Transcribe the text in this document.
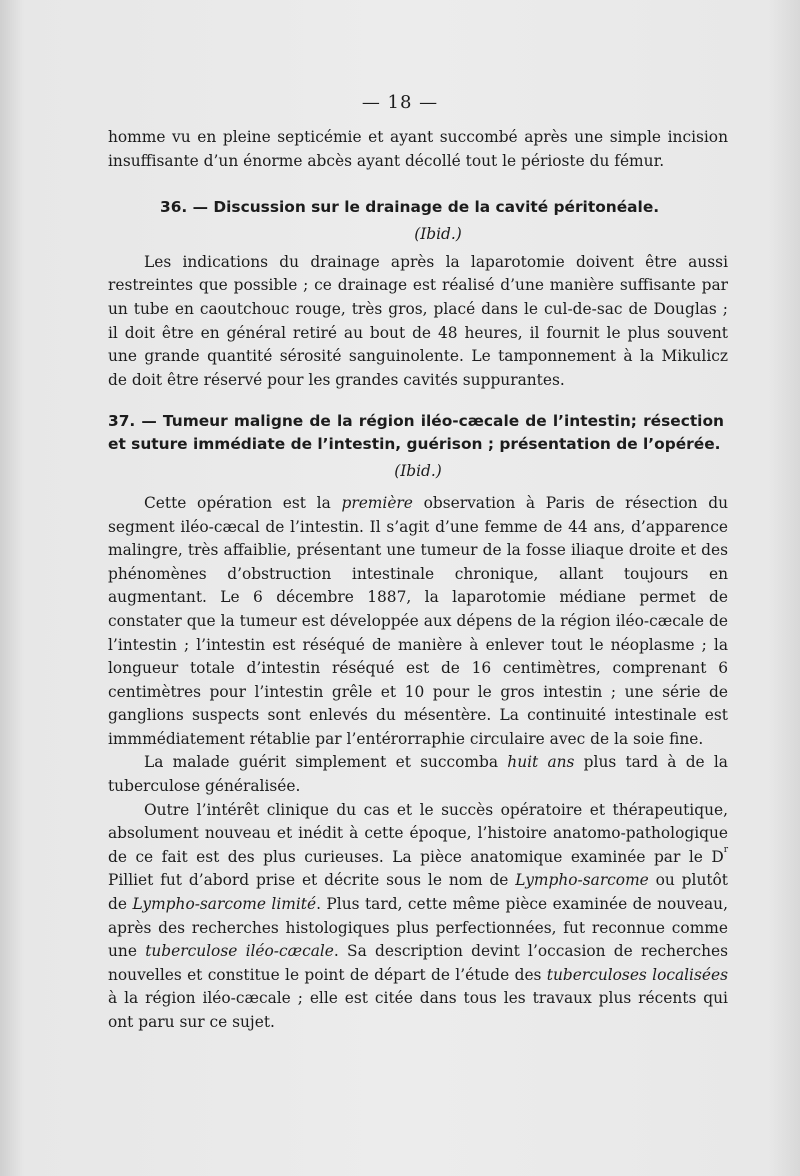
— 18 —

homme vu en pleine septicémie et ayant succombé après une simple incision insuffisante d’un énorme abcès ayant décollé tout le périoste du fémur.

36. — Discussion sur le drainage de la cavité péritonéale.

(Ibid.)

Les indications du drainage après la laparotomie doivent être aussi restreintes que possible ; ce drainage est réalisé d’une manière suffisante par un tube en caoutchouc rouge, très gros, placé dans le cul-de-sac de Douglas ; il doit être en général retiré au bout de 48 heures, il fournit le plus souvent une grande quantité sérosité sanguinolente. Le tamponnement à la Mikulicz de doit être réservé pour les grandes cavités suppurantes.

37. — Tumeur maligne de la région iléo-cæcale de l’intestin; résection et suture immédiate de l’intestin, guérison ; présentation de l’opérée.

(Ibid.)

Cette opération est la première observation à Paris de résection du segment iléo-cæcal de l’intestin. Il s’agit d’une femme de 44 ans, d’apparence malingre, très affaiblie, présentant une tumeur de la fosse iliaque droite et des phénomènes d’obstruction intestinale chronique, allant toujours en augmentant. Le 6 décembre 1887, la laparotomie médiane permet de constater que la tumeur est développée aux dépens de la région iléo-cæcale de l’intestin ; l’intestin est réséqué de manière à enlever tout le néoplasme ; la longueur totale d’intestin réséqué est de 16 centimètres, comprenant 6 centimètres pour l’intestin grêle et 10 pour le gros intestin ; une série de ganglions suspects sont enlevés du mésentère. La continuité intestinale est immmédiatement rétablie par l’entérorraphie circulaire avec de la soie fine.

La malade guérit simplement et succomba huit ans plus tard à de la tuberculose généralisée.

Outre l’intérêt clinique du cas et le succès opératoire et thérapeutique, absolument nouveau et inédit à cette époque, l’histoire anatomo-pathologique de ce fait est des plus curieuses. La pièce anatomique examinée par le $D^r$ Pilliet fut d’abord prise et décrite sous le nom de Lympho-sarcome ou plutôt de Lympho-sarcome limité. Plus tard, cette même pièce examinée de nouveau, après des recherches histologiques plus perfectionnées, fut reconnue comme une tuberculose iléo-cæcale. Sa description devint l’occasion de recherches nouvelles et constitue le point de départ de l’étude des tuberculoses localisées à la région iléo-cæcale ; elle est citée dans tous les travaux plus récents qui ont paru sur ce sujet.
